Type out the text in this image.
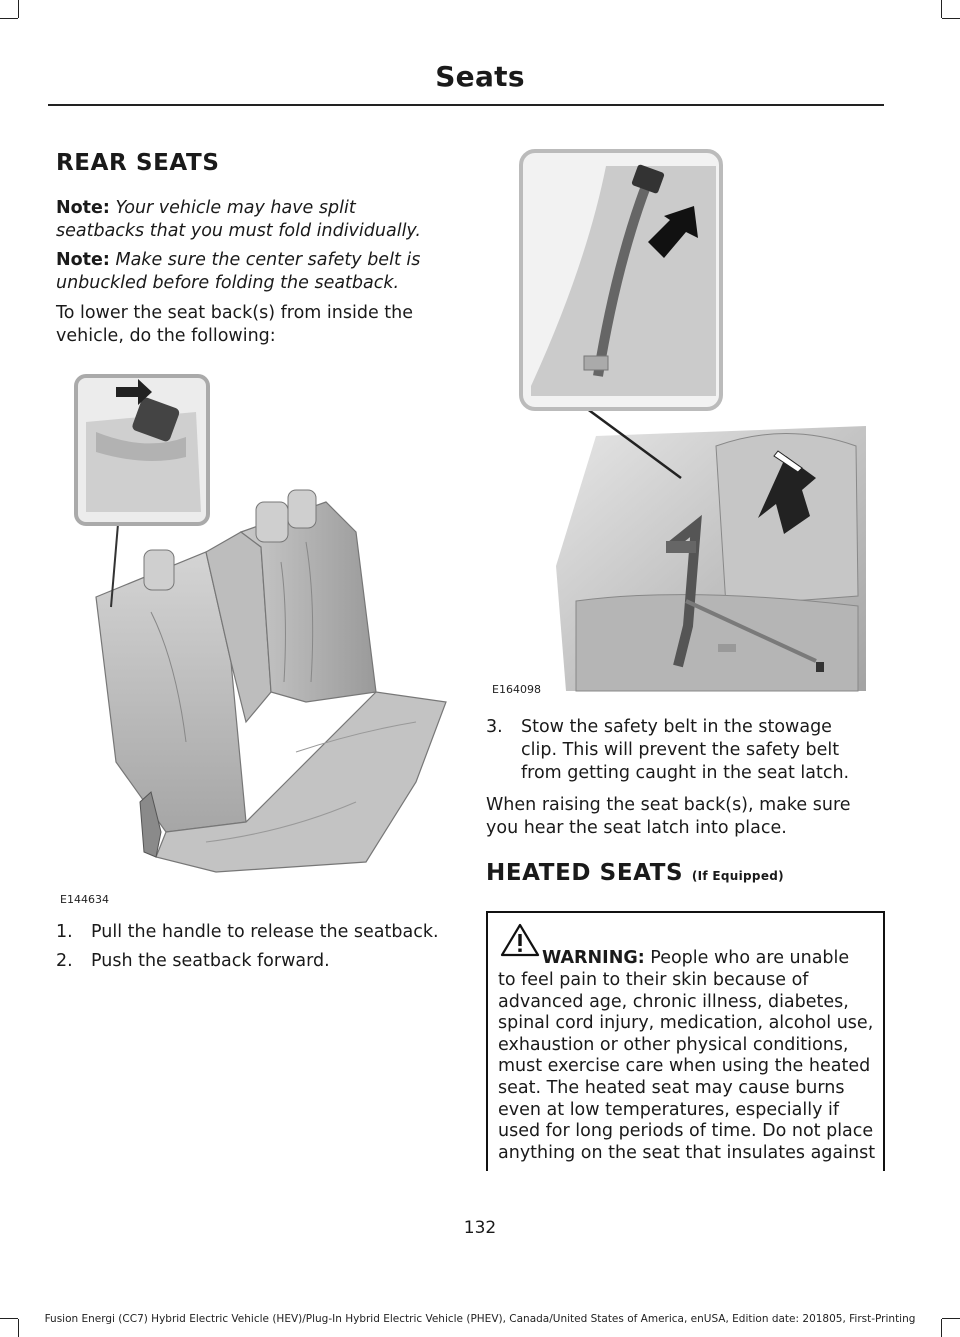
Seats
REAR SEATS
Note: Your vehicle may have split seatbacks that you must fold individually.
Note: Make sure the center safety belt is unbuckled before folding the seatback.
To lower the seat back(s) from inside the vehicle, do the following:
E144634
1. Pull the handle to release the seatback.
2. Push the seatback forward.
E164098
3. Stow the safety belt in the stowage clip. This will prevent the safety belt from getting caught in the seat latch.
When raising the seat back(s), make sure you hear the seat latch into place.
HEATED SEATS (If Equipped)
WARNING: People who are unable
to feel pain to their skin because of advanced age, chronic illness, diabetes, spinal cord injury, medication, alcohol use, exhaustion or other physical conditions, must exercise care when using the heated seat. The heated seat may cause burns even at low temperatures, especially if used for long periods of time. Do not place anything on the seat that insulates against
132
Fusion Energi (CC7) Hybrid Electric Vehicle (HEV)/Plug-In Hybrid Electric Vehicle (PHEV), Canada/United States of America, enUSA, Edition date: 201805, First-Printing
